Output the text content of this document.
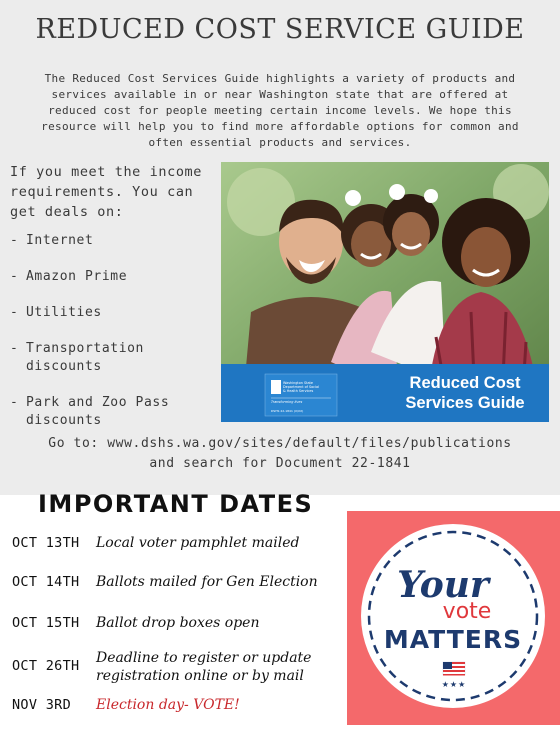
REDUCED COST SERVICE GUIDE

The Reduced Cost Services Guide highlights a variety of products and services available in or near Washington state that are offered at reduced cost for people meeting certain income levels. We hope this resource will help you to find more affordable options for common and often essential products and services.

If you meet the income requirements. You can get deals on:

- Internet
- Amazon Prime
- Utilities
- Transportation discounts
- Park and Zoo Pass discounts
Washington State
Department of Social
& Health Services
Transforming lives
DSHS 22-1841 (X/XX)
Reduced Cost
Services Guide
Go to: www.dshs.wa.gov/sites/default/files/publications
and search for Document 22-1841
IMPORTANT DATES
OCT 13TH Local voter pamphlet mailed
OCT 14TH Ballots mailed for Gen Election
OCT 15TH Ballot drop boxes open
OCT 26TH Deadline to register or update registration online or by mail
NOV 3RD Election day- VOTE!
Your
vote
MATTERS
★★★
